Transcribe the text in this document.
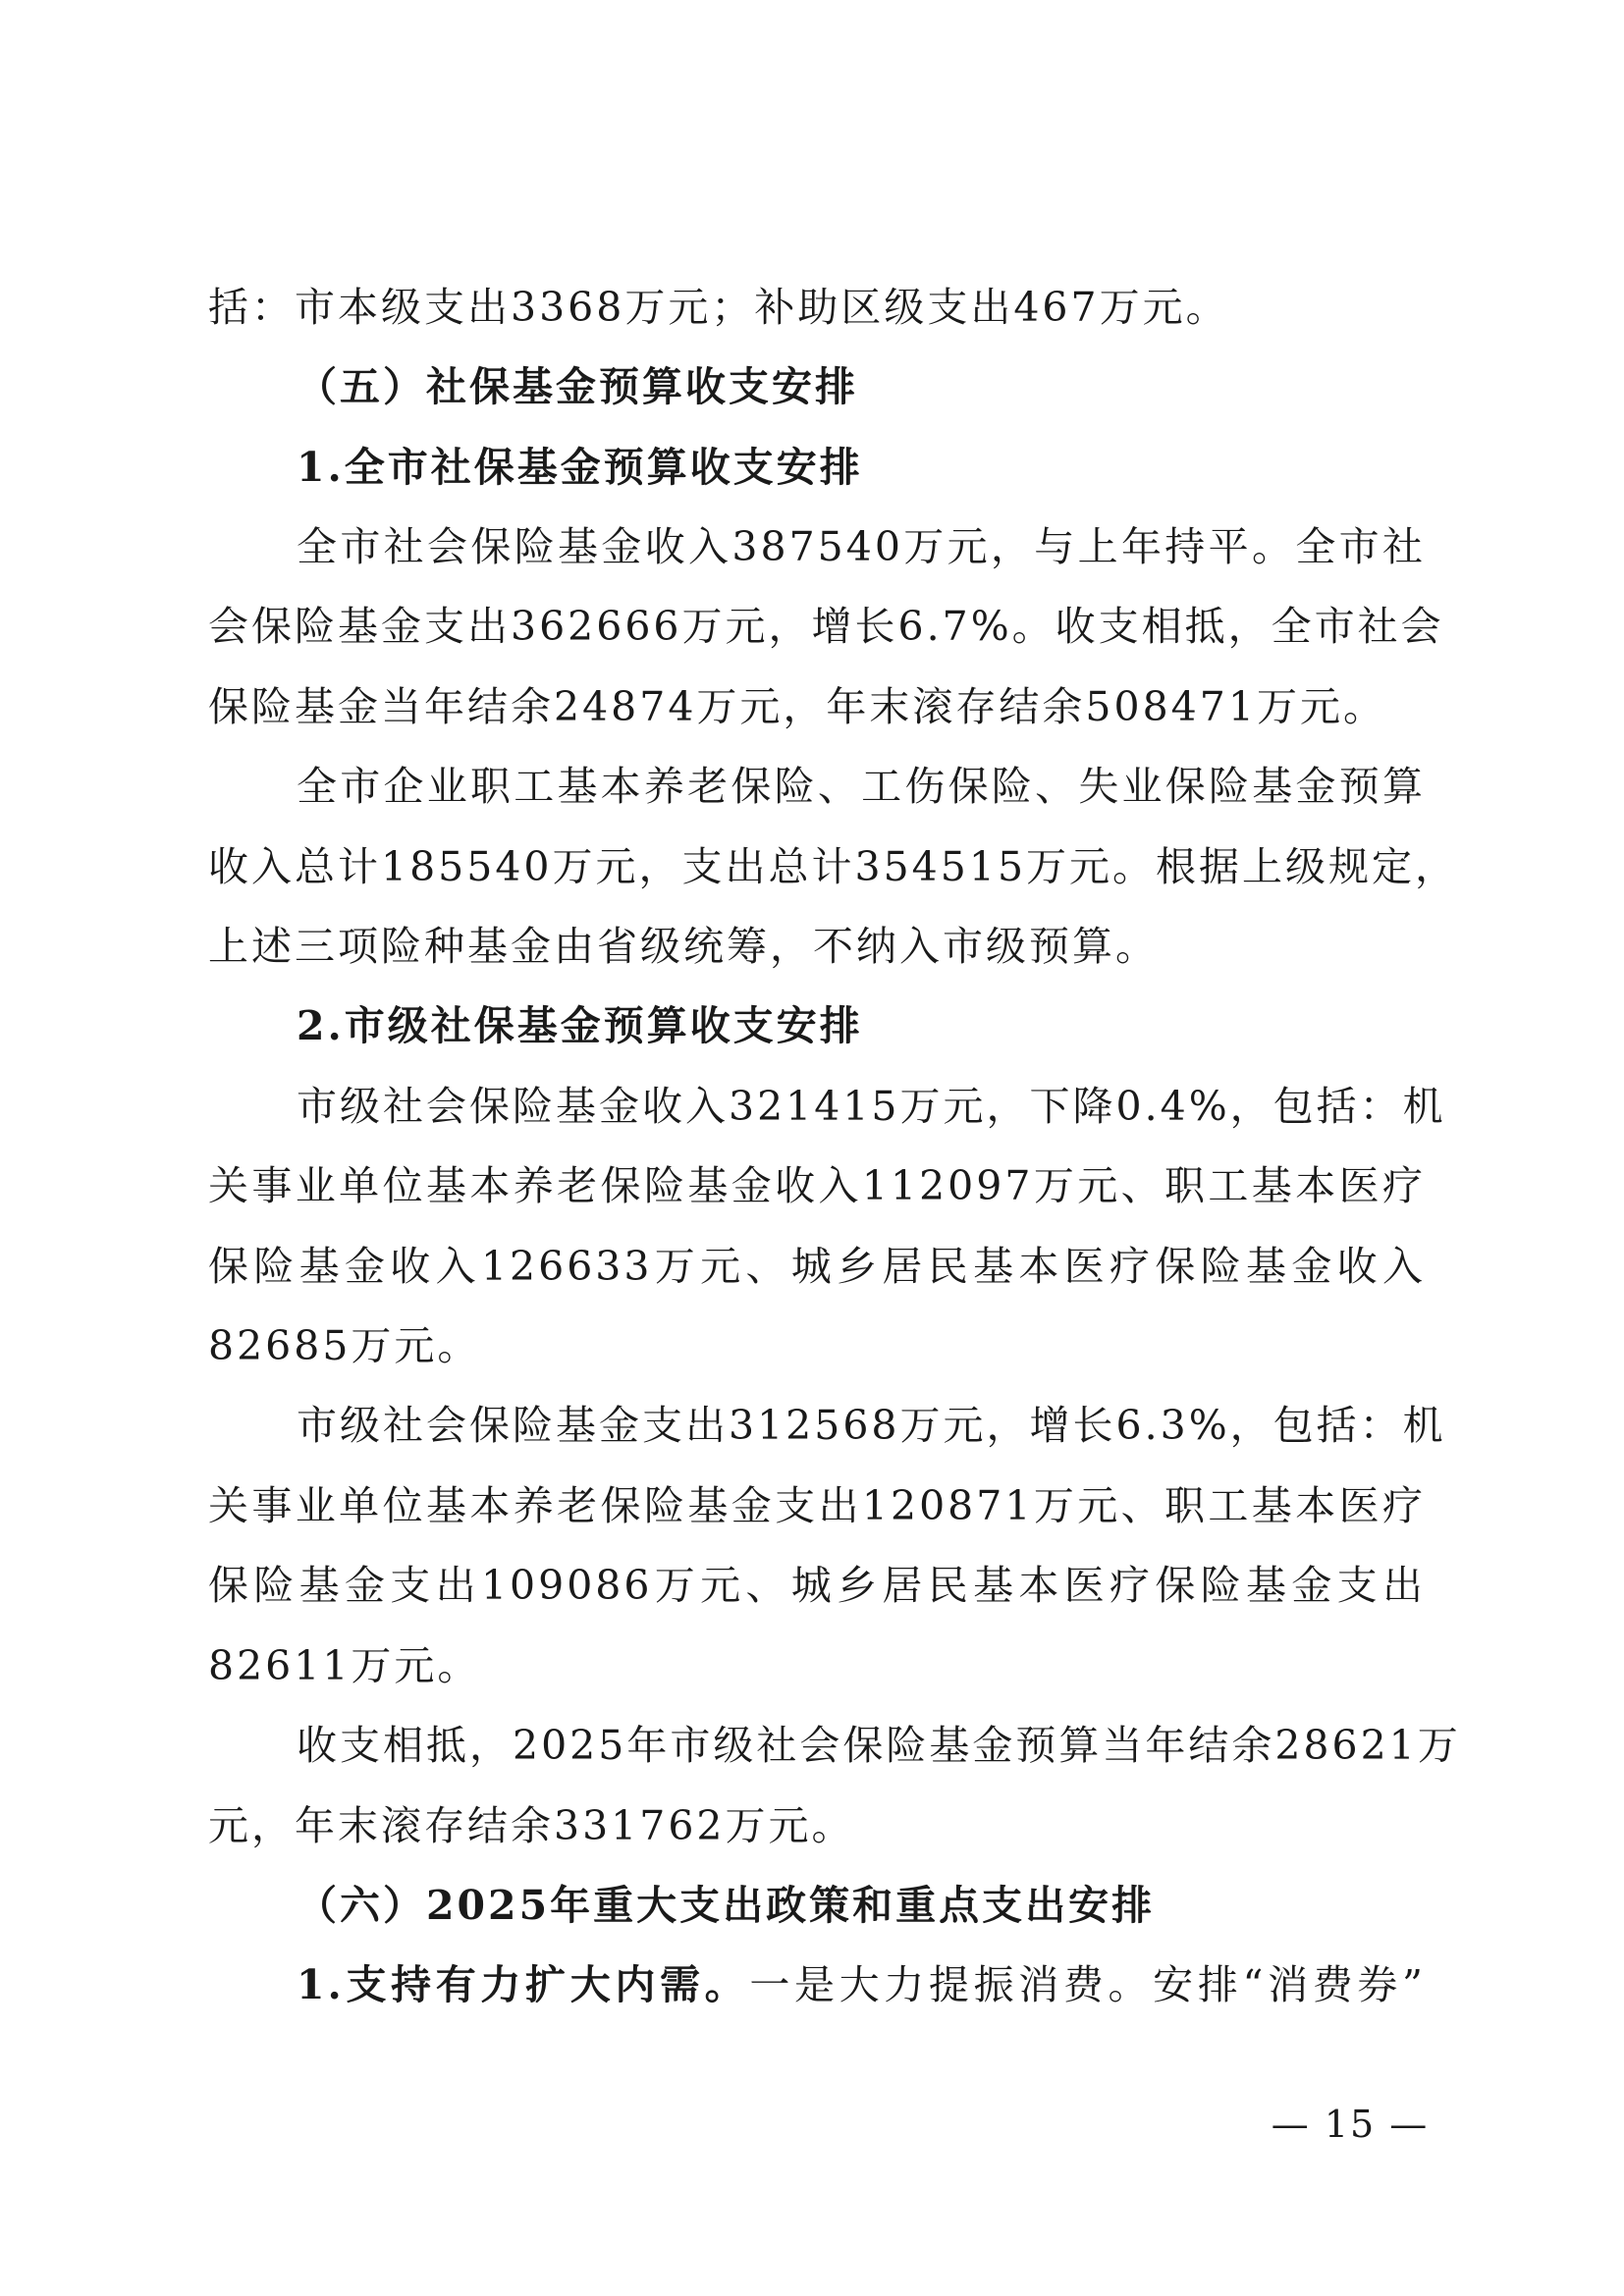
括：市本级支出3368万元；补助区级支出467万元。
（五）社保基金预算收支安排
1.全市社保基金预算收支安排
全市社会保险基金收入387540万元，与上年持平。全市社
会保险基金支出362666万元，增长6.7%。收支相抵，全市社会
保险基金当年结余24874万元，年末滚存结余508471万元。
全市企业职工基本养老保险、工伤保险、失业保险基金预算
收入总计185540万元，支出总计354515万元。根据上级规定，
上述三项险种基金由省级统筹，不纳入市级预算。
2.市级社保基金预算收支安排
市级社会保险基金收入321415万元，下降0.4%，包括：机
关事业单位基本养老保险基金收入112097万元、职工基本医疗
保险基金收入126633万元、城乡居民基本医疗保险基金收入
82685万元。
市级社会保险基金支出312568万元，增长6.3%，包括：机
关事业单位基本养老保险基金支出120871万元、职工基本医疗
保险基金支出109086万元、城乡居民基本医疗保险基金支出
82611万元。
收支相抵，2025年市级社会保险基金预算当年结余28621万
元，年末滚存结余331762万元。
（六）2025年重大支出政策和重点支出安排
1.支持有力扩大内需。一是大力提振消费。安排“消费券”
— 15 —
